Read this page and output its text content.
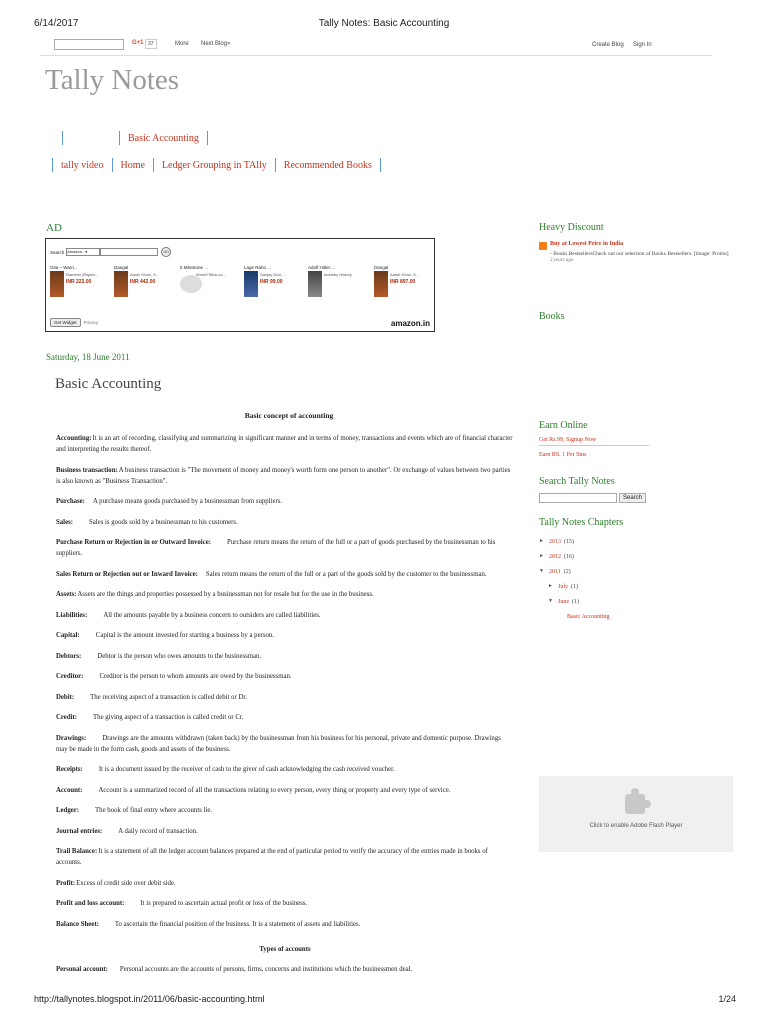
6/14/2017	Tally Notes: Basic Accounting
G+1 37	More Next Blog»	Create Blog Sign In
Tally Notes
Basic Accounting
tally video	Home	Ledger Grouping in TAlly	Recommended Books
AD
Search Amazon.. ▾	GO
Gita – Warri...
Ramesh (Rajani...
INR 223.00
Dangal
Aamir Khan, S...
INR 442.00
5 Milestone ...
World7Stick.co...
Lage Raho ...
Sanjay Dutt, ...
INR 99.00
Adolf Hitler:...
Industry History
Dangal
Aamir Khan, S...
INR 897.00
Get Widget	Privacy	amazon.in
Saturday, 18 June 2011
Basic Accounting
Basic concept of accounting
Accounting:It is an art of recording, classifying and summarizing in significant manner and in terms of money, transactions and events which are of financial character and interpreting the results thereof.
Business transaction:A business transaction is "The movement of money and money's worth form one person to another". Or exchange of values between two parties is also known as "Business Transaction".
Purchase: A purchase means goods purchased by a businessman from suppliers.
Sales: Sales is goods sold by a businessman to his customers.
Purchase Return or Rejection in or Outward Invoice: Purchase return means the return of the full or a part of goods purchased by the businessman to his suppliers.
Sales Return or Rejection out or Inward Invoice: Sales return means the return of the full or a part of the goods sold by the customer to the businessman.
Assets:Assets are the things and properties possessed by a businessman not for resale but for the use in the business.
Liabilities: All the amounts payable by a business concern to outsiders are called liabilities.
Capital: Capital is the amount invested for starting a business by a person.
Debtors: Debtor is the person who owes amounts to the businessman.
Creditor: Creditor is the person to whom amounts are owed by the businessman.
Debit: The receiving aspect of a transaction is called debit or Dr.
Credit: The giving aspect of a transaction is called credit or Cr.
Drawings: Drawings are the amounts withdrawn (taken back) by the businessman from his business for his personal, private and domestic purpose. Drawings may be made in the form cash, goods and assets of the business.
Receipts: It is a document issued by the receiver of cash to the giver of cash acknowledging the cash received voucher.
Account: Account is a summarized record of all the transactions relating to every person, every thing or property and every type of service.
Ledger: The book of final entry where accounts lie.
Journal entries: A daily record of transaction.
Trail Balance:It is a statement of all the ledger account balances prepared at the end of particular period to verify the accuracy of the entries made in books of accounts.
Profit:Excess of credit side over debit side.
Profit and loss account: It is prepared to ascertain actual profit or loss of the business.
Balance Sheet: To ascertain the financial position of the business. It is a statement of assets and liabilities.
Types of accounts
Personal account: Personal accounts are the accounts of persons, firms, concerns and institutions which the businessmen deal.
Heavy Discount
Buy at Lowest Price in India
- Books BestsellersCheck out our selection of Books Bestsellers. [image: Promo]
3 years ago
Books
Earn Online
Get Rs.99, Signup Now
Earn RS. 1 Per Sms
Search Tally Notes
Search
Tally Notes Chapters
► 2013 (15)
► 2012 (16)
▼ 2011 (2)
► July (1)
▼ June (1)
Basic Accounting
Click to enable Adobe Flash Player
http://tallynotes.blogspot.in/2011/06/basic-accounting.html	1/24
